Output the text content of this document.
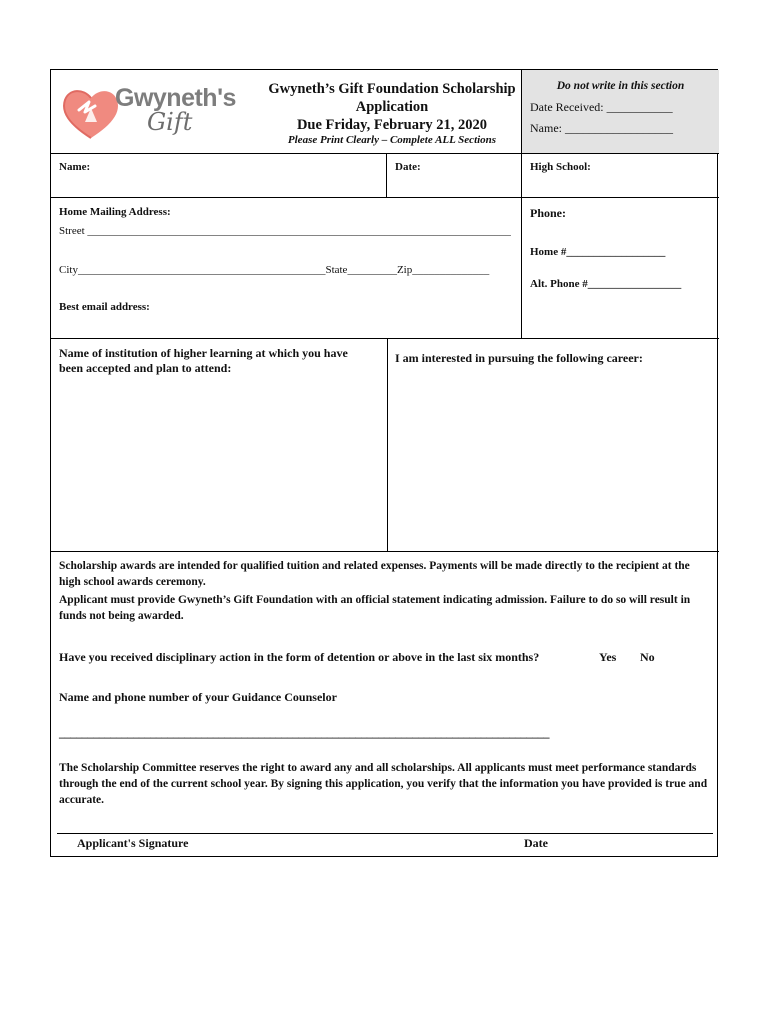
Gwyneth's
Gift
Gwyneth’s Gift Foundation Scholarship
Application
Due Friday, February 21, 2020
Please Print Clearly – Complete ALL Sections
Do not write in this section
Date Received: ___________
Name: __________________
Name:	Date:	High School:
Home Mailing Address:
Street _____________________________________________________________________________
City_____________________________________________State_________Zip______________
Best email address:
Phone:
Home #__________________
Alt. Phone #_________________
Name of institution of higher learning at which you have
been accepted and plan to attend:
I am interested in pursuing the following career:
Scholarship awards are intended for qualified tuition and related expenses. Payments will be made directly to the recipient at the high school awards ceremony.
Applicant must provide Gwyneth’s Gift Foundation with an official statement indicating admission. Failure to do so will result in funds not being awarded.
Have you received disciplinary action in the form of detention or above in the last six months?	Yes No
Name and phone number of your Guidance Counselor
______________________________________________________________________________________
The Scholarship Committee reserves the right to award any and all scholarships. All applicants must meet performance standards through the end of the current school year. By signing this application, you verify that the information you have provided is true and accurate.
Applicant's Signature	Date
